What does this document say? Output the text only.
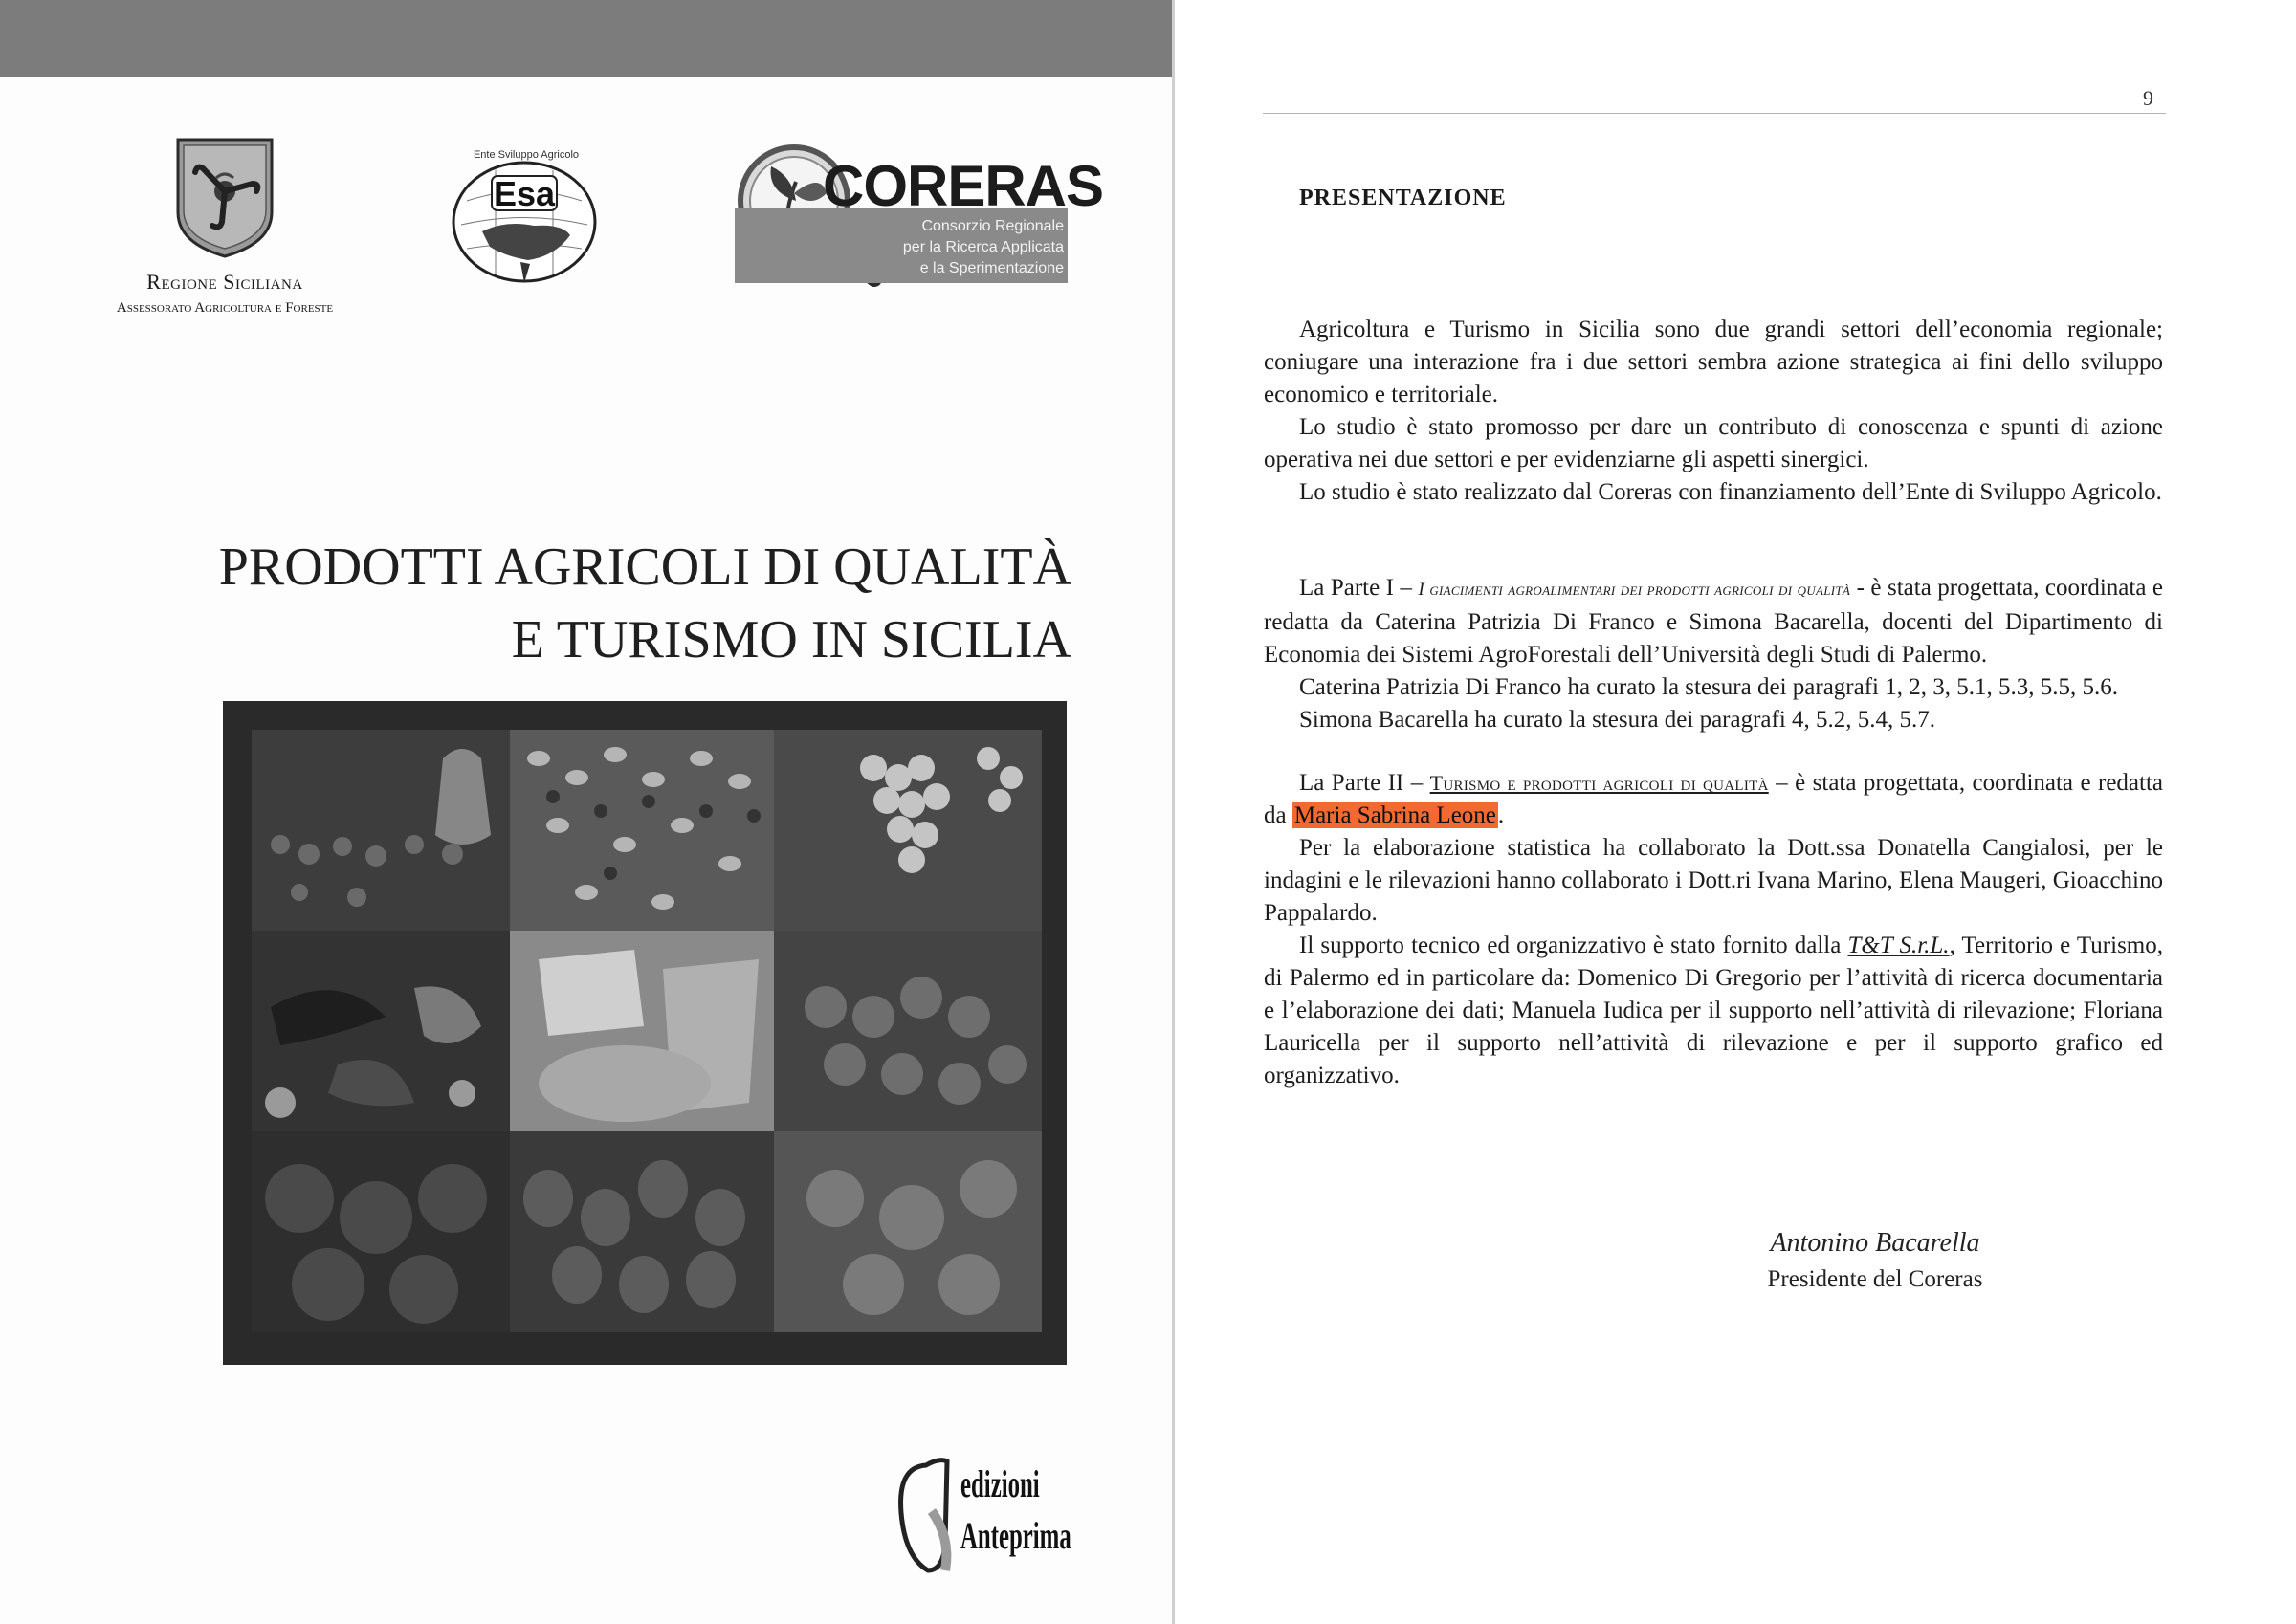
Regione Siciliana
Assessorato Agricoltura e Foreste
Ente Sviluppo Agricolo
Esa	CORERAS
Consorzio Regionale
per la Ricerca Applicata
e la Sperimentazione
PRODOTTI AGRICOLI DI QUALITÀ
E TURISMO IN SICILIA
edizioni
Anteprima
9
PRESENTAZIONE

Agricoltura e Turismo in Sicilia sono due grandi settori dell’economia regionale; coniugare una interazione fra i due settori sembra azione strategica ai fini dello sviluppo economico e territoriale.

Lo studio è stato promosso per dare un contributo di conoscenza e spunti di azione operativa nei due settori e per evidenziarne gli aspetti sinergici.

Lo studio è stato realizzato dal Coreras con finanziamento dell’Ente di Sviluppo Agricolo.

La Parte I – I giacimenti agroalimentari dei prodotti agricoli di qualità - è stata progettata, coordinata e redatta da Caterina Patrizia Di Franco e Simona Bacarella, docenti del Dipartimento di Economia dei Sistemi AgroForestali dell’Università degli Studi di Palermo.

Caterina Patrizia Di Franco ha curato la stesura dei paragrafi 1, 2, 3, 5.1, 5.3, 5.5, 5.6.

Simona Bacarella ha curato la stesura dei paragrafi 4, 5.2, 5.4, 5.7.

La Parte II – Turismo e prodotti agricoli di qualità – è stata progettata, coordinata e redatta da Maria Sabrina Leone.

Per la elaborazione statistica ha collaborato la Dott.ssa Donatella Cangialosi, per le indagini e le rilevazioni hanno collaborato i Dott.ri Ivana Marino, Elena Maugeri, Gioacchino Pappalardo.

Il supporto tecnico ed organizzativo è stato fornito dalla T&T S.r.L., Territorio e Turismo, di Palermo ed in particolare da: Domenico Di Gregorio per l’attività di ricerca documentaria e l’elaborazione dei dati; Manuela Iudica per il supporto nell’attività di rilevazione; Floriana Lauricella per il supporto nell’attività di rilevazione e per il supporto grafico ed organizzativo.

Antonino Bacarella
Presidente del Coreras
